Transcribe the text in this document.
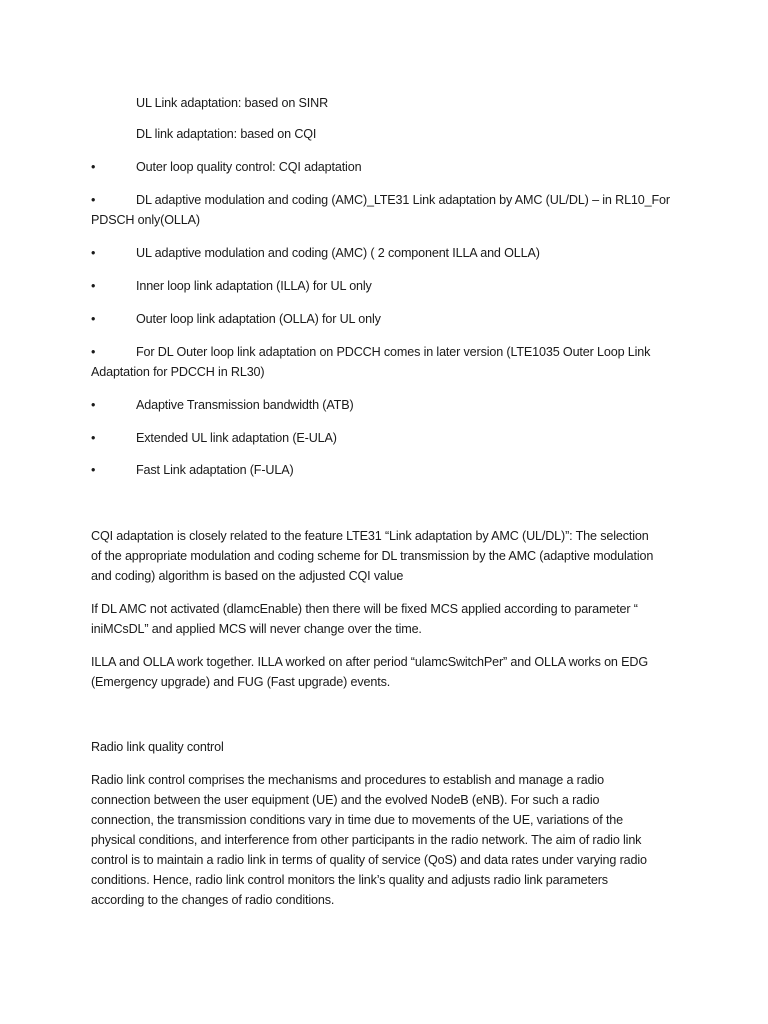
UL Link adaptation: based on SINR
DL link adaptation: based on CQI
•	Outer loop quality control: CQI adaptation
•	DL adaptive modulation and coding (AMC)_LTE31 Link adaptation by AMC (UL/DL) – in RL10_For
PDSCH only(OLLA)
•	UL adaptive modulation and coding (AMC) ( 2 component ILLA and OLLA)
•	Inner loop link adaptation (ILLA) for UL only
•	Outer loop link adaptation (OLLA) for UL only
•	For DL Outer loop link adaptation on PDCCH comes in later version (LTE1035 Outer Loop Link
Adaptation for PDCCH in RL30)
•	Adaptive Transmission bandwidth (ATB)
•	Extended UL link adaptation (E-ULA)
•	Fast Link adaptation (F-ULA)
CQI adaptation is closely related to the feature LTE31 “Link adaptation by AMC (UL/DL)”: The selection
of the appropriate modulation and coding scheme for DL transmission by the AMC (adaptive modulation
and coding) algorithm is based on the adjusted CQI value
If DL AMC not activated (dlamcEnable) then there will be fixed MCS applied according to parameter “
iniMCsDL” and applied MCS will never change over the time.
ILLA and OLLA work together. ILLA worked on after period “ulamcSwitchPer” and OLLA works on EDG
(Emergency upgrade) and FUG (Fast upgrade) events.
Radio link quality control
Radio link control comprises the mechanisms and procedures to establish and manage a radio
connection between the user equipment (UE) and the evolved NodeB (eNB). For such a radio
connection, the transmission conditions vary in time due to movements of the UE, variations of the
physical conditions, and interference from other participants in the radio network. The aim of radio link
control is to maintain a radio link in terms of quality of service (QoS) and data rates under varying radio
conditions. Hence, radio link control monitors the link’s quality and adjusts radio link parameters
according to the changes of radio conditions.
